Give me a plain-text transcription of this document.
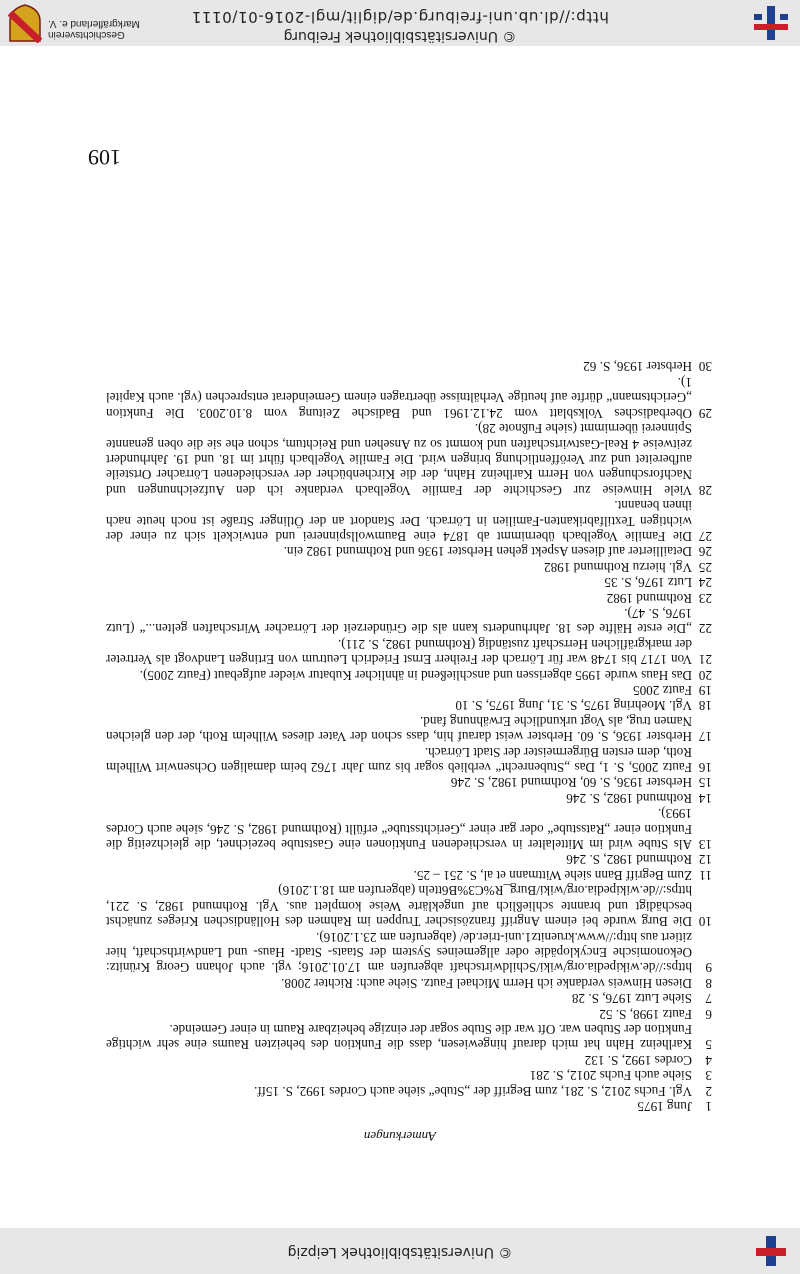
© Universitätsbibliothek Leipzig
Anmerkungen
1
Jung 1975
2
Vgl. Fuchs 2012, S. 281, zum Begriff der „Stube“ siehe auch Cordes 1992, S. 15ff.
3
Siehe auch Fuchs 2012, S. 281
4
Cordes 1992, S. 132
5
Karlheinz Hahn hat mich darauf hingewiesen, dass die Funktion des beheizten Raums eine sehr wichtige Funktion der Stuben war. Oft war die Stube sogar der einzige beheizbare Raum in einer Gemeinde.
6
Fautz 1998, S. 52
7
Siehe Lutz 1976, S. 28
8
Diesen Hinweis verdanke ich Herrn Michael Fautz. Siehe auch: Richter 2008.
9
https://de.wikipedia.org/wiki/Schildwirtschaft abgerufen am 17.01.2016; vgl. auch Johann Georg Krünitz: Oekonomische Encyklopädie oder allgemeines System der Staats- Stadt- Haus- und Landwirthschaft, hier zitiert aus http://www.kruenitz1.uni-trier.de/ (abgerufen am 23.1.2016).
10
Die Burg wurde bei einem Angriff französischer Truppen im Rahmen des Holländischen Krieges zunächst beschädigt und brannte schließlich auf ungeklärte Weise komplett aus. Vgl. Rothmund 1982, S. 221, https://de.wikipedia.org/wiki/Burg_R%C3%B6tteln (abgerufen am 18.1.2016)
11
Zum Begriff Bann siehe Wittmann et al, S. 251 – 25.
12
Rothmund 1982, S. 246
13
Als Stube wird im Mittelalter in verschiedenen Funktionen eine Gaststube bezeichnet, die gleichzeitig die Funktion einer „Ratsstube“ oder gar einer „Gerichtsstube“ erfüllt (Rothmund 1982, S. 246, siehe auch Cordes 1993).
14
Rothmund 1982, S. 246
15
Herbster 1936, S. 60, Rothmund 1982, S. 246
16
Fautz 2005, S. 1, Das „Stubenrecht“ verblieb sogar bis zum Jahr 1762 beim damaligen Ochsenwirt Wilhelm Roth, dem ersten Bürgermeister der Stadt Lörrach.
17
Herbster 1936, S. 60. Herbster weist darauf hin, dass schon der Vater dieses Wilhelm Roth, der den gleichen Namen trug, als Vogt urkundliche Erwähnung fand.
18
Vgl. Moehring 1975, S. 31, Jung 1975, S. 10
19
Fautz 2005
20
Das Haus wurde 1995 abgerissen und anschließend in ähnlicher Kubatur wieder aufgebaut (Fautz 2005).
21
Von 1717 bis 1748 war für Lörrach der Freiherr Ernst Friedrich Leutrum von Ertingen Landvogt als Vertreter der markgräflichen Herrschaft zuständig (Rothmund 1982, S. 211).
22
„Die erste Hälfte des 18. Jahrhunderts kann als die Gründerzeit der Lörracher Wirtschaften gelten...“ (Lutz 1976, S. 47).
23
Rothmund 1982
24
Lutz 1976, S. 35
25
Vgl. hierzu Rothmund 1982
26
Detaillierter auf diesen Aspekt gehen Herbster 1936 und Rothmund 1982 ein.
27
Die Familie Vogelbach übernimmt ab 1874 eine Baumwollspinnerei und entwickelt sich zu einer der wichtigen Textilfabrikanten-Familien in Lörrach. Der Standort an der Ötlinger Straße ist noch heute nach ihnen benannt.
28
Viele Hinweise zur Geschichte der Familie Vogelbach verdanke ich den Aufzeichnungen und Nachforschungen von Herrn Karlheinz Hahn, der die Kirchenbücher der verschiedenen Lörracher Ortsteile aufbereitet und zur Veröffentlichung bringen wird. Die Familie Vogelbach führt im 18. und 19. Jahrhundert zeitweise 4 Real-Gastwirtschaften und kommt so zu Ansehen und Reichtum, schon ehe sie die oben genannte Spinnerei übernimmt (siehe Fußnote 28).
29
Oberbadisches Volksblatt vom 24.12.1961 und Badische Zeitung vom 8.10.2003. Die Funktion „Gerichtsmann“ dürfte auf heutige Verhältnisse übertragen einem Gemeinderat entsprechen (vgl. auch Kapitel 1).
30
Herbster 1936, S. 62
109
© Universitätsbibliothek Freiburg
http://dl.ub.uni-freiburg.de/diglit/mgl-2016-01/0111
Geschichtsverein
Markgräflerland e. V.
